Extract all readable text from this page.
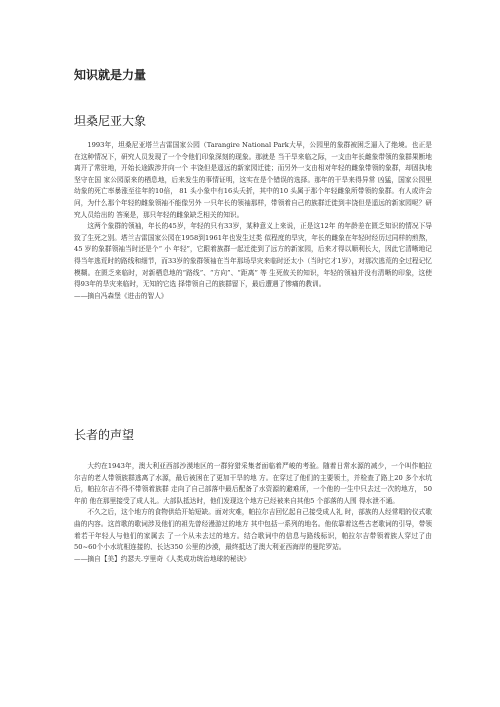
知识就是力量
坦桑尼亚大象

1993年，坦桑尼亚塔兰吉雷国家公园（Tarangire National Park大早，公园里的象群被困乏逼入了绝境。也正是在这种情况下，研究人员发现了一个令他们印象深刻的现象。那就是 当干旱来临之际，一支由年长雌象带领的象群果断地离开了常驻地，开始长途跋涉并向一个 丰饶但是遥远的新家园迁徙；而另外一支由相对年轻的雌象带领的象群，却固执地坚守在国 家公园原来的栖息地，后来发生的事情证明，这实在是个错误的选择。那年的干旱来得异常 凶猛，国家公园里幼象的死亡率暴涨至往年的10倍， 81 头小象中有16头夭折，其中的10 头属于那个年轻雌象所带领的象群。有人或许会问，为什么那个年轻的雌象领袖不能像另外 一只年长的领袖那样，带领着自己的族群迁徙到丰饶但是遥远的新家园呢？研究人员给出的 答案是，那只年轻的雌象缺乏相关的知识。

这两个象群的领袖，年长的45岁，年轻的只有33岁，某种意义上来说，正是这12年 的年龄差在匮乏知识的情况下导致了生死之别。塔兰吉雷国家公园在1958到1961年也发生过类 似程度的旱灾，年长的雌象在年轻时经历过同样的煎熬，45 岁的象群领袖当时还是个“ 小 年轻”，它跟着族群一起迁徙到了远方的新家园，后来才得以顺利长大，因此它清晰地记得当年逃荒时的路线和细节，而33岁的象群领袖在当年那场旱灾来临时还太小（当时它才1岁），对那次逃荒的全过程记忆模糊。在匮乏来临时，对新栖息地的“路线”、“方向”、“距离” 等 生死攸关的知识，年轻的领袖并没有清晰的印象，这使得93年的旱灾来临时，无知的它选 择带领自己的族群留下，最后遭遇了惨痛的教训。

——摘自冯森堡《进击的智人》

长者的声望

大约在1943年，澳大利亚西部沙漠地区的一群狩猎采集者面临着严峻的考验。随着日常水源的减少，一个叫作帕拉尔吉的老人带领族群逃离了水源，最后被困在了更加干旱的地 方。在穿过了他们的主要领土，并检查了路上20 多个水坑后，帕拉尔吉不得不带领着族群 走向了自己部落中最后配备了水资源的避难所，一个他的一生中只去过一次的地方， 50 年前 他在那里接受了成人礼。大部队抵达时，他们发现这个地方已经被来自其他5 个部落的人围 得水泄不通。

不久之后，这个地方的食物供给开始短缺。面对灾难，帕拉尔吉回忆起自己接受成人礼 时，部族的人经常唱的仪式歌曲的内容。这首歌的歌词涉及他们的祖先曾经漫游过的地方 其中包括一系列的地名。他依靠着这些古老歌词的引导，带领着若干年轻人与他们的家属去 了一个从未去过的地方。结合歌词中的信息与路线标识，帕拉尔吉带领着族人穿过了由 50~60个小水坑相连接的、长达350 公里的沙漠，最终抵达了澳大利亚西海岸的曼陀罗站。

——摘自【美】约瑟夫.亨里奇《人类成功统治地球的秘诀》
